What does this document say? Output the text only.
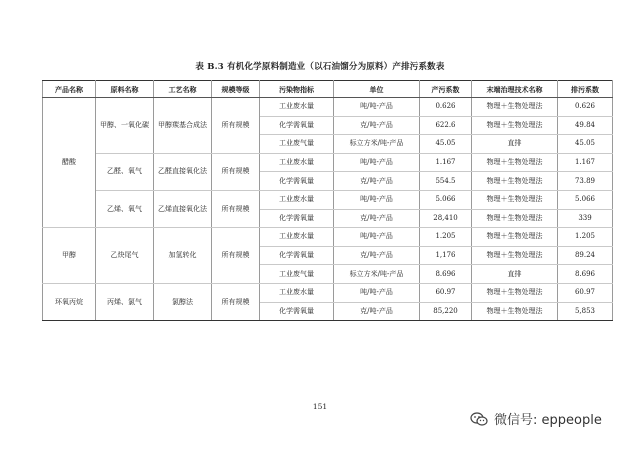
表 B.3 有机化学原料制造业（以石油馏分为原料）产排污系数表
产品名称	原料名称	工艺名称	规模等级	污染物指标	单位	产污系数	末端治理技术名称	排污系数
醋酸	甲醇、一氧化碳	甲醇羰基合成法	所有规模	工业废水量	吨/吨-产品	0.626	物理＋生物处理法	0.626
				化学需氧量	克/吨-产品	622.6	物理＋生物处理法	49.84
				工业废气量	标立方米/吨-产品	45.05	直排	45.05
	乙醛、氧气	乙醛直接氧化法	所有规模	工业废水量	吨/吨-产品	1.167	物理＋生物处理法	1.167
				化学需氧量	克/吨-产品	554.5	物理＋生物处理法	73.89
	乙烯、氧气	乙烯直接氧化法	所有规模	工业废水量	吨/吨-产品	5.066	物理＋生物处理法	5.066
				化学需氧量	克/吨-产品	28,410	物理＋生物处理法	339
甲醇	乙炔尾气	加氢转化	所有规模	工业废水量	吨/吨-产品	1.205	物理＋生物处理法	1.205
				化学需氧量	克/吨-产品	1,176	物理＋生物处理法	89.24
				工业废气量	标立方米/吨-产品	8.696	直排	8.696
环氧丙烷	丙烯、氯气	氯醇法	所有规模	工业废水量	吨/吨-产品	60.97	物理＋生物处理法	60.97
				化学需氧量	克/吨-产品	85,220	物理＋生物处理法	5,853
151
微信号: eppeople
